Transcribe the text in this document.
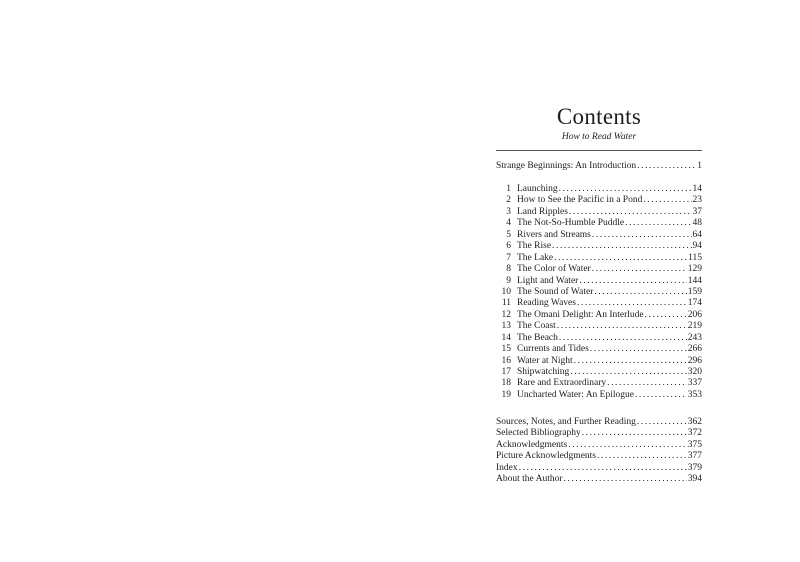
Contents
How to Read Water
Strange Beginnings: An Introduction . . .	1
1 Launching . . .	14
2 How to See the Pacific in a Pond . . .	23
3 Land Ripples . . .	37
4 The Not-So-Humble Puddle . . .	48
5 Rivers and Streams . . .	64
6 The Rise . . .	94
7 The Lake . . .	115
8 The Color of Water . . .	129
9 Light and Water . . .	144
10 The Sound of Water . . .	159
11 Reading Waves . . .	174
12 The Omani Delight: An Interlude . . .	206
13 The Coast . . .	219
14 The Beach . . .	243
15 Currents and Tides . . .	266
16 Water at Night . . .	296
17 Shipwatching . . .	320
18 Rare and Extraordinary . . .	337
19 Uncharted Water: An Epilogue . . .	353
Sources, Notes, and Further Reading . . .	362
Selected Bibliography . . .	372
Acknowledgments . . .	375
Picture Acknowledgments . . .	377
Index . . .	379
About the Author . . .	394
